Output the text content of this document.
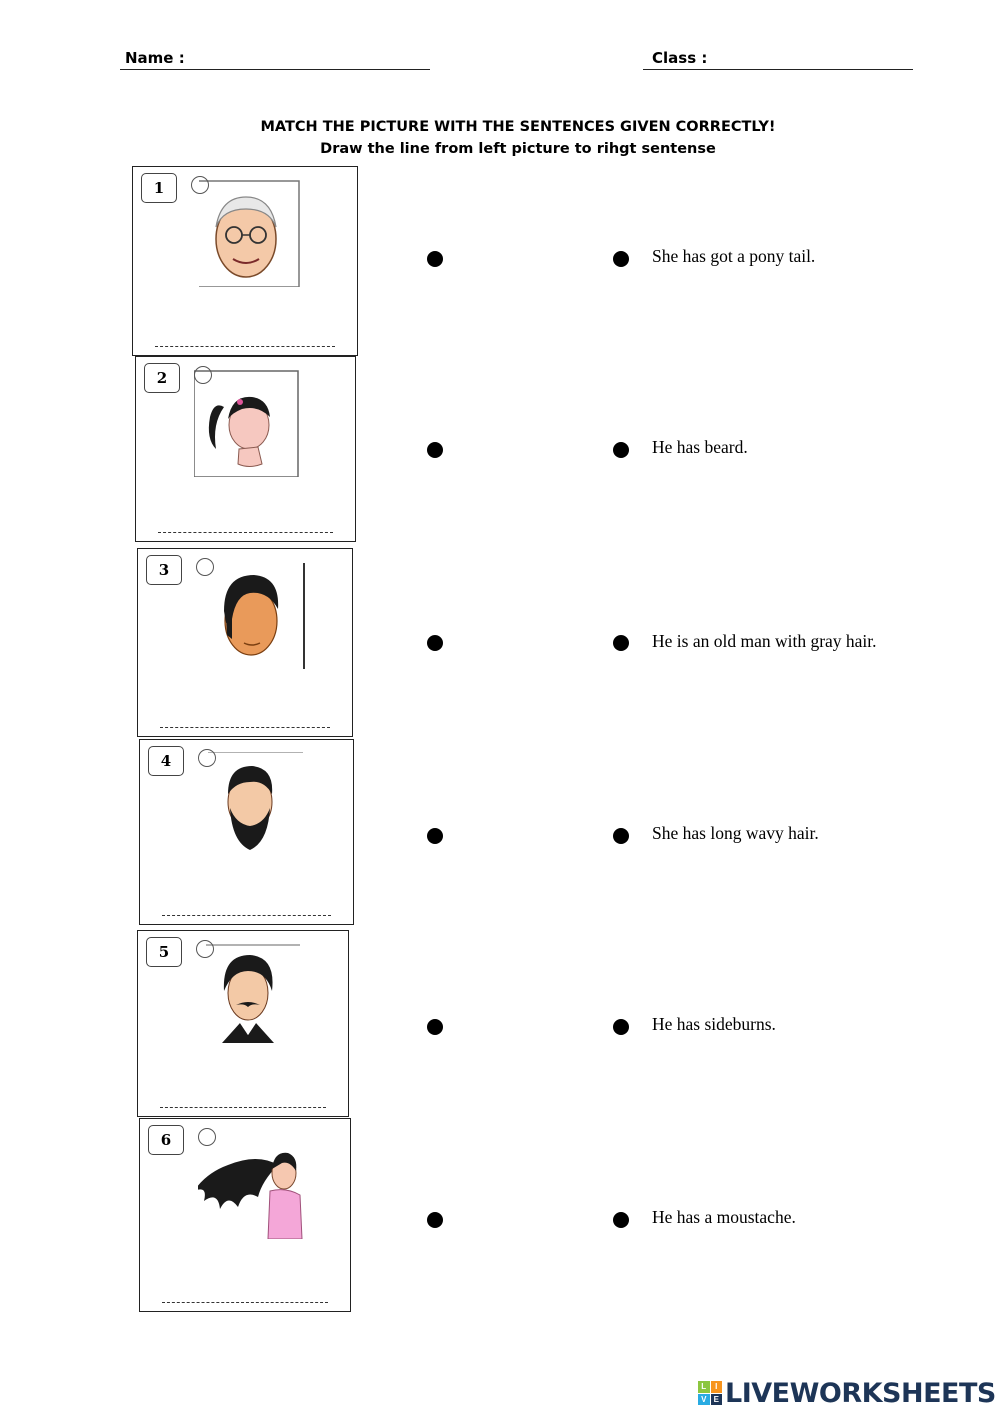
Name :	Class :
MATCH THE PICTURE WITH THE SENTENCES GIVEN CORRECTLY!
Draw the line from left picture to rihgt sentense
1
2
3
4
5
6
She has got a pony tail.
He has beard.
He is an old man with gray hair.
She has long wavy hair.
He has sideburns.
He has a moustache.
L	I
V E LIVEWORKSHEETS
